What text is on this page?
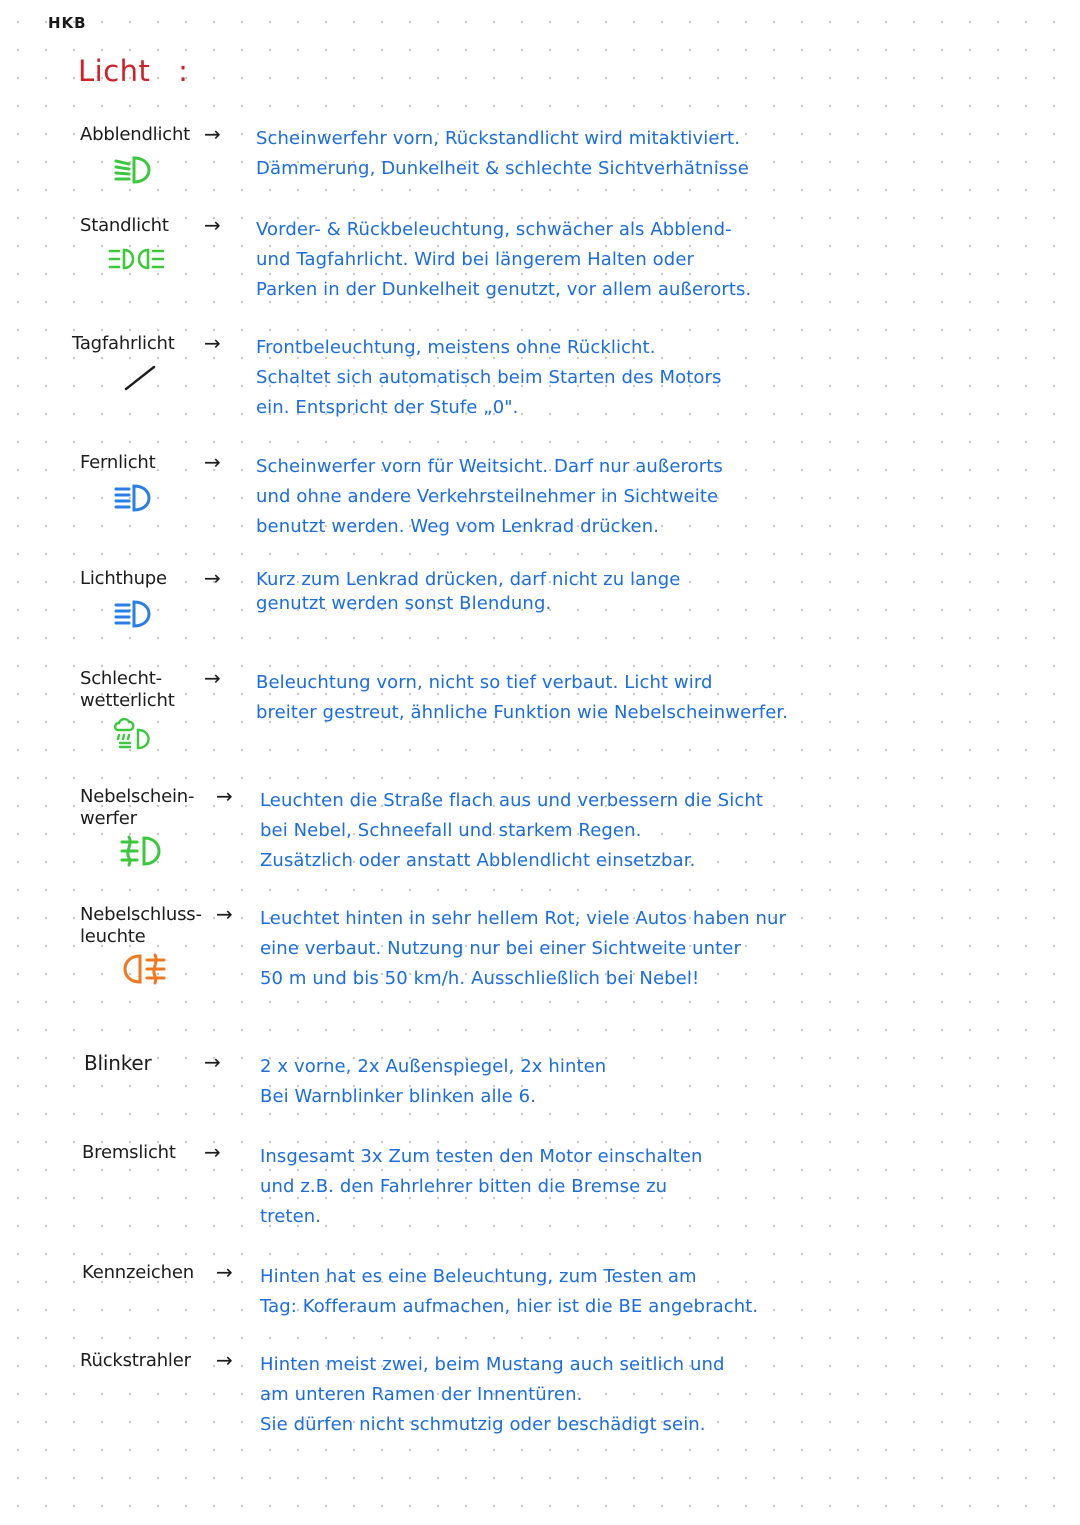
HKB
Licht :
Abblendlicht → Scheinwerfehr vorn, Rückstandlicht wird mitaktiviert.
Dämmerung, Dunkelheit & schlechte Sichtverhätnisse
Standlicht	→ Vorder- & Rückbeleuchtung, schwächer als Abblend-
und Tagfahrlicht. Wird bei längerem Halten oder
Parken in der Dunkelheit genutzt, vor allem außerorts.
Tagfahrlicht	→ Frontbeleuchtung, meistens ohne Rücklicht.
Schaltet sich automatisch beim Starten des Motors
ein. Entspricht der Stufe „0".
Fernlicht	→ Scheinwerfer vorn für Weitsicht. Darf nur außerorts
und ohne andere Verkehrsteilnehmer in Sichtweite
benutzt werden. Weg vom Lenkrad drücken.
Lichthupe	→ Kurz zum Lenkrad drücken, darf nicht zu lange
genutzt werden sonst Blendung.
Schlecht-
wetterlicht
→ Beleuchtung vorn, nicht so tief verbaut. Licht wird
breiter gestreut, ähnliche Funktion wie Nebelscheinwerfer.
Nebelschein-
werfer
→ Leuchten die Straße flach aus und verbessern die Sicht
bei Nebel, Schneefall und starkem Regen.
Zusätzlich oder anstatt Abblendlicht einsetzbar.
Nebelschluss-
leuchte
→ Leuchtet hinten in sehr hellem Rot, viele Autos haben nur
eine verbaut. Nutzung nur bei einer Sichtweite unter
50 m und bis 50 km/h. Ausschließlich bei Nebel!
Blinker	→ 2 x vorne, 2x Außenspiegel, 2x hinten
Bei Warnblinker blinken alle 6.
Bremslicht	→ Insgesamt 3x Zum testen den Motor einschalten
und z.B. den Fahrlehrer bitten die Bremse zu
treten.
Kennzeichen	→ Hinten hat es eine Beleuchtung, zum Testen am
Tag: Kofferaum aufmachen, hier ist die BE angebracht.
Rückstrahler	→ Hinten meist zwei, beim Mustang auch seitlich und
am unteren Ramen der Innentüren.
Sie dürfen nicht schmutzig oder beschädigt sein.
